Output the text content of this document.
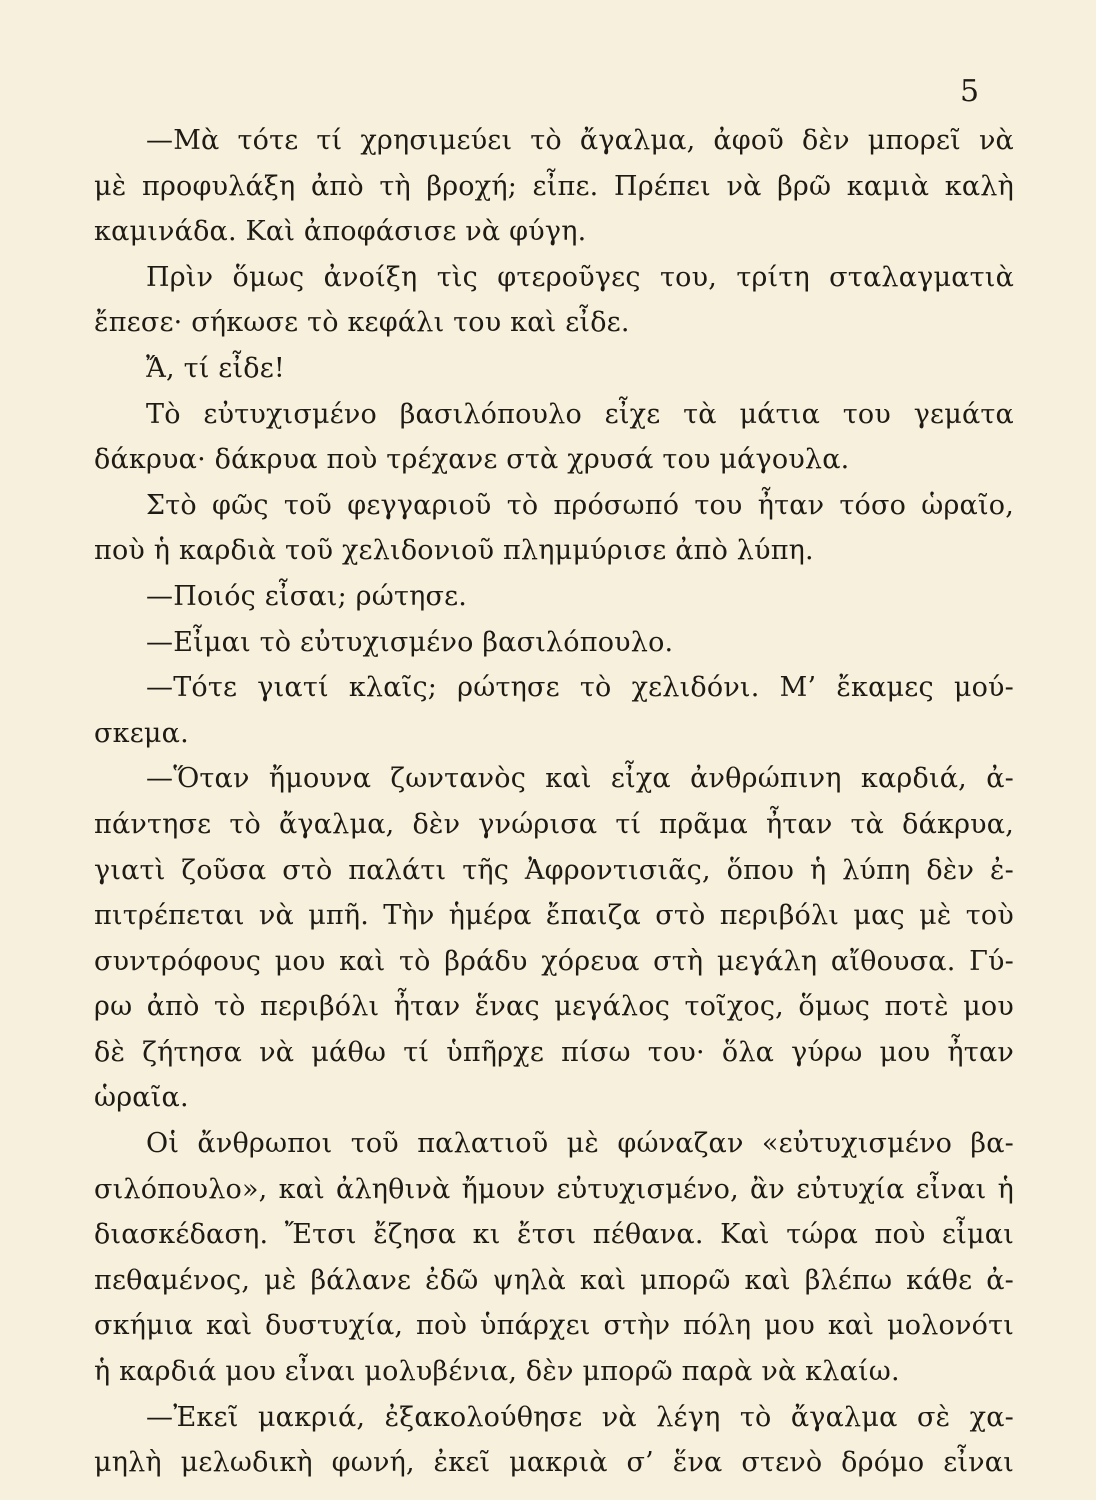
5
—Μὰ τότε τί χρησιμεύει τὸ ἄγαλμα, ἀφοῦ δὲν μπορεῖ νὰ
μὲ προφυλάξη ἀπὸ τὴ βροχή; εἶπε. Πρέπει νὰ βρῶ καμιὰ καλὴ
καμινάδα. Καὶ ἀποφάσισε νὰ φύγη.
Πρὶν ὅμως ἀνοίξη τὶς φτεροῦγες του, τρίτη σταλαγματιὰ
ἔπεσε· σήκωσε τὸ κεφάλι του καὶ εἶδε.
Ἄ, τί εἶδε!
Τὸ εὐτυχισμένο βασιλόπουλο εἶχε τὰ μάτια του γεμάτα
δάκρυα· δάκρυα ποὺ τρέχανε στὰ χρυσά του μάγουλα.
Στὸ φῶς τοῦ φεγγαριοῦ τὸ πρόσωπό του ἦταν τόσο ὡραῖο,
ποὺ ἡ καρδιὰ τοῦ χελιδονιοῦ πλημμύρισε ἀπὸ λύπη.
—Ποιός εἶσαι; ρώτησε.
—Εἶμαι τὸ εὐτυχισμένο βασιλόπουλο.
—Τότε γιατί κλαῖς; ρώτησε τὸ χελιδόνι. Μ’ ἔκαμες μού-
σκεμα.
—Ὅταν ἤμουνα ζωντανὸς καὶ εἶχα ἀνθρώπινη καρδιά, ἀ-
πάντησε τὸ ἄγαλμα, δὲν γνώρισα τί πρᾶμα ἦταν τὰ δάκρυα,
γιατὶ ζοῦσα στὸ παλάτι τῆς Ἀφροντισιᾶς, ὅπου ἡ λύπη δὲν ἐ-
πιτρέπεται νὰ μπῆ. Τὴν ἡμέρα ἔπαιζα στὸ περιβόλι μας μὲ τοὺ
συντρόφους μου καὶ τὸ βράδυ χόρευα στὴ μεγάλη αἴθουσα. Γύ-
ρω ἀπὸ τὸ περιβόλι ἦταν ἕνας μεγάλος τοῖχος, ὅμως ποτὲ μου
δὲ ζήτησα νὰ μάθω τί ὑπῆρχε πίσω του· ὅλα γύρω μου ἦταν
ὡραῖα.
Οἱ ἄνθρωποι τοῦ παλατιοῦ μὲ φώναζαν «εὐτυχισμένο βα-
σιλόπουλο», καὶ ἀληθινὰ ἤμουν εὐτυχισμένο, ἂν εὐτυχία εἶναι ἡ
διασκέδαση. Ἔτσι ἔζησα κι ἔτσι πέθανα. Καὶ τώρα ποὺ εἶμαι
πεθαμένος, μὲ βάλανε ἐδῶ ψηλὰ καὶ μπορῶ καὶ βλέπω κάθε ἀ-
σκήμια καὶ δυστυχία, ποὺ ὑπάρχει στὴν πόλη μου καὶ μολονότι
ἡ καρδιά μου εἶναι μολυβένια, δὲν μπορῶ παρὰ νὰ κλαίω.
—Ἐκεῖ μακριά, ἐξακολούθησε νὰ λέγη τὸ ἄγαλμα σὲ χα-
μηλὴ μελωδικὴ φωνή, ἐκεῖ μακριὰ σ’ ἕνα στενὸ δρόμο εἶναι
